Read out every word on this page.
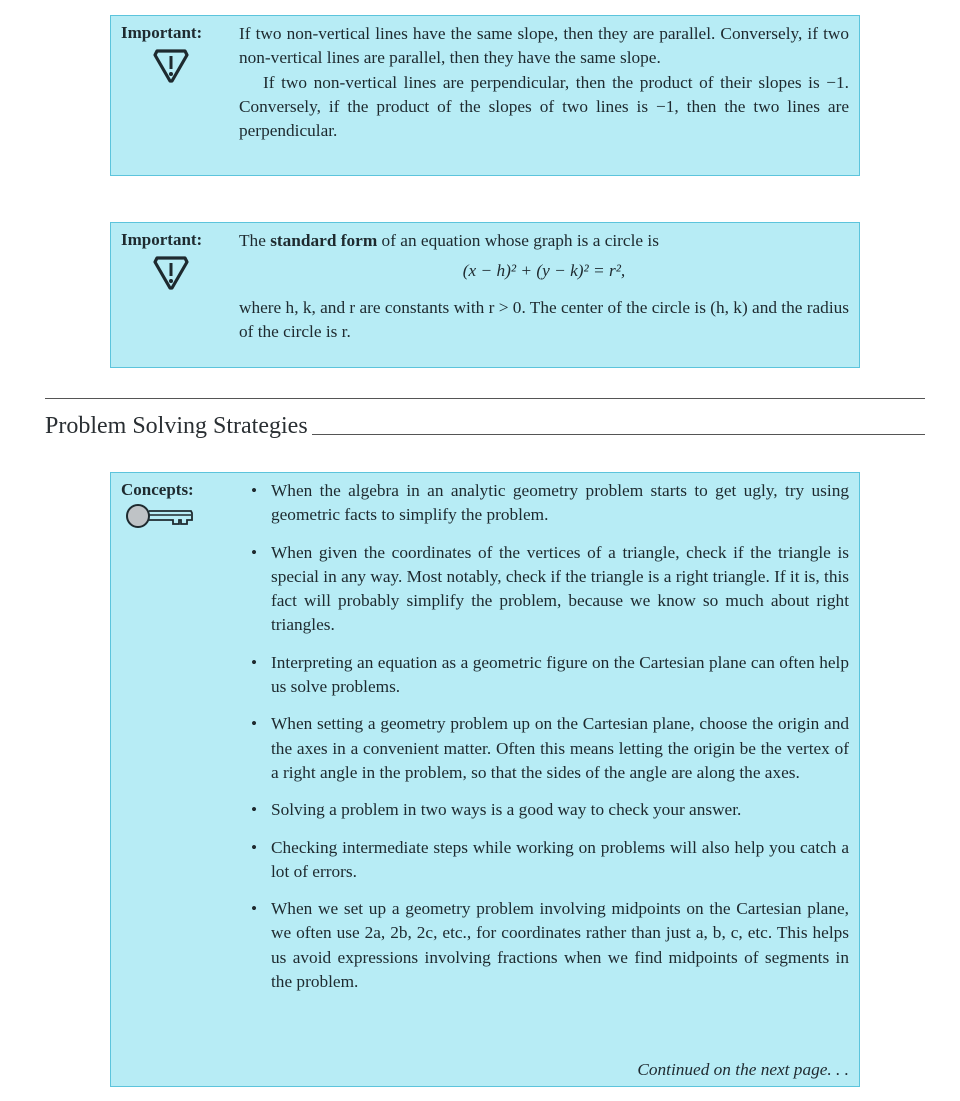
Important: If two non-vertical lines have the same slope, then they are parallel. Conversely, if two non-vertical lines are parallel, then they have the same slope.

If two non-vertical lines are perpendicular, then the product of their slopes is −1. Conversely, if the product of the slopes of two lines is −1, then the two lines are perpendicular.

Important: The standard form of an equation whose graph is a circle is

(x − h)² + (y − k)² = r²,

where h, k, and r are constants with r > 0. The center of the circle is (h, k) and the radius of the circle is r.

Problem Solving Strategies
Concepts:	• When the algebra in an analytic geometry problem starts to get ugly, try using geometric facts to simplify the problem.
• When given the coordinates of the vertices of a triangle, check if the triangle is special in any way. Most notably, check if the triangle is a right triangle. If it is, this fact will probably simplify the problem, because we know so much about right triangles.
• Interpreting an equation as a geometric figure on the Cartesian plane can often help us solve problems.
• When setting a geometry problem up on the Cartesian plane, choose the origin and the axes in a convenient matter. Often this means letting the origin be the vertex of a right angle in the problem, so that the sides of the angle are along the axes.
• Solving a problem in two ways is a good way to check your answer.
• Checking intermediate steps while working on problems will also help you catch a lot of errors.
• When we set up a geometry problem involving midpoints on the Cartesian plane, we often use 2a, 2b, 2c, etc., for coordinates rather than just a, b, c, etc. This helps us avoid expressions involving fractions when we find midpoints of segments in the problem.
Continued on the next page. . .
